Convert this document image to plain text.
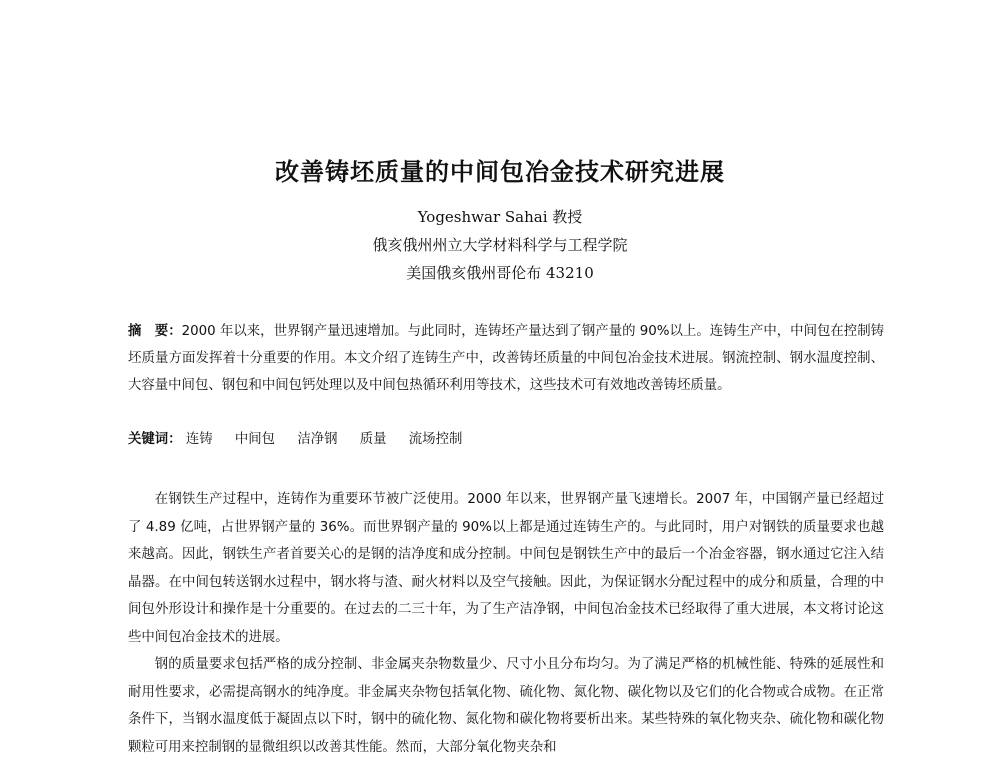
改善铸坯质量的中间包冶金技术研究进展
Yogeshwar Sahai 教授
俄亥俄州州立大学材料科学与工程学院
美国俄亥俄州哥伦布 43210
摘　要：2000 年以来，世界钢产量迅速增加。与此同时，连铸坯产量达到了钢产量的 90%以上。连铸生产中，中间包在控制铸坯质量方面发挥着十分重要的作用。本文介绍了连铸生产中，改善铸坯质量的中间包冶金技术进展。钢流控制、钢水温度控制、大容量中间包、钢包和中间包钙处理以及中间包热循环利用等技术，这些技术可有效地改善铸坯质量。
关键词： 连铸 中间包 洁净钢 质量 流场控制

在钢铁生产过程中，连铸作为重要环节被广泛使用。2000 年以来，世界钢产量飞速增长。2007 年，中国钢产量已经超过了 4.89 亿吨，占世界钢产量的 36%。而世界钢产量的 90%以上都是通过连铸生产的。与此同时，用户对钢铁的质量要求也越来越高。因此，钢铁生产者首要关心的是钢的洁净度和成分控制。中间包是钢铁生产中的最后一个冶金容器，钢水通过它注入结晶器。在中间包转送钢水过程中，钢水将与渣、耐火材料以及空气接触。因此，为保证钢水分配过程中的成分和质量，合理的中间包外形设计和操作是十分重要的。在过去的二三十年，为了生产洁净钢，中间包冶金技术已经取得了重大进展，本文将讨论这些中间包冶金技术的进展。

钢的质量要求包括严格的成分控制、非金属夹杂物数量少、尺寸小且分布均匀。为了满足严格的机械性能、特殊的延展性和耐用性要求，必需提高钢水的纯净度。非金属夹杂物包括氧化物、硫化物、氮化物、碳化物以及它们的化合物或合成物。在正常条件下，当钢水温度低于凝固点以下时，钢中的硫化物、氮化物和碳化物将要析出来。某些特殊的氧化物夹杂、硫化物和碳化物颗粒可用来控制钢的显微组织以改善其性能。然而，大部分氧化物夹杂和
